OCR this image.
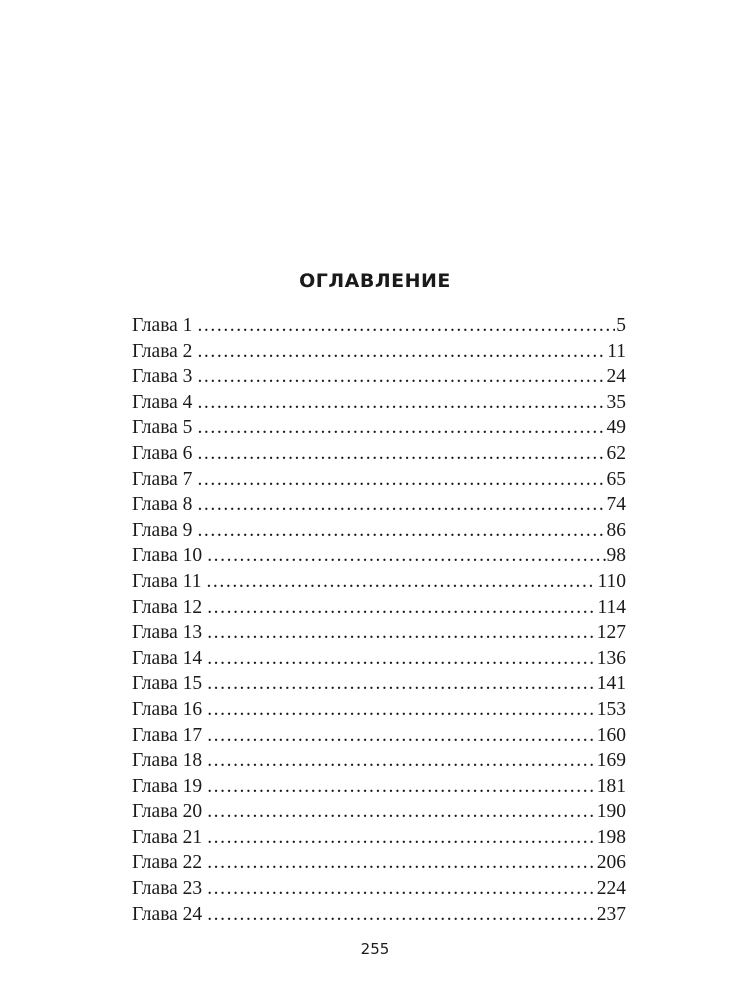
ОГЛАВЛЕНИЕ
Глава 1 .....	5
Глава 2 .....	11
Глава 3 .....	24
Глава 4 .....	35
Глава 5 .....	49
Глава 6 .....	62
Глава 7 .....	65
Глава 8 .....	74
Глава 9 .....	86
Глава 10 .....	98
Глава 11 .....	110
Глава 12 .....	114
Глава 13 .....	127
Глава 14 .....	136
Глава 15 .....	141
Глава 16 .....	153
Глава 17 .....	160
Глава 18 .....	169
Глава 19 .....	181
Глава 20 .....	190
Глава 21 .....	198
Глава 22 .....	206
Глава 23 .....	224
Глава 24 .....	237
255
